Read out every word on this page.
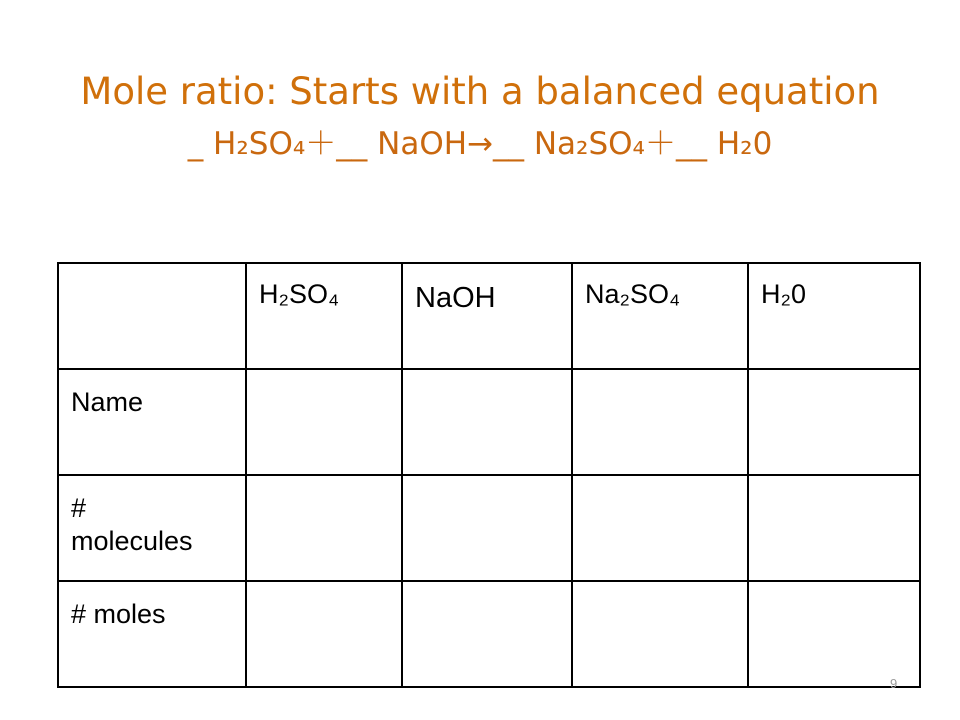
Mole ratio: Starts with a balanced equation
_ H₂SO₄＋__ NaOH→__ Na₂SO₄＋__ H₂0

	H₂SO₄	NaOH	Na₂SO₄	H₂0

Name				

# molecules				

# moles				

9
